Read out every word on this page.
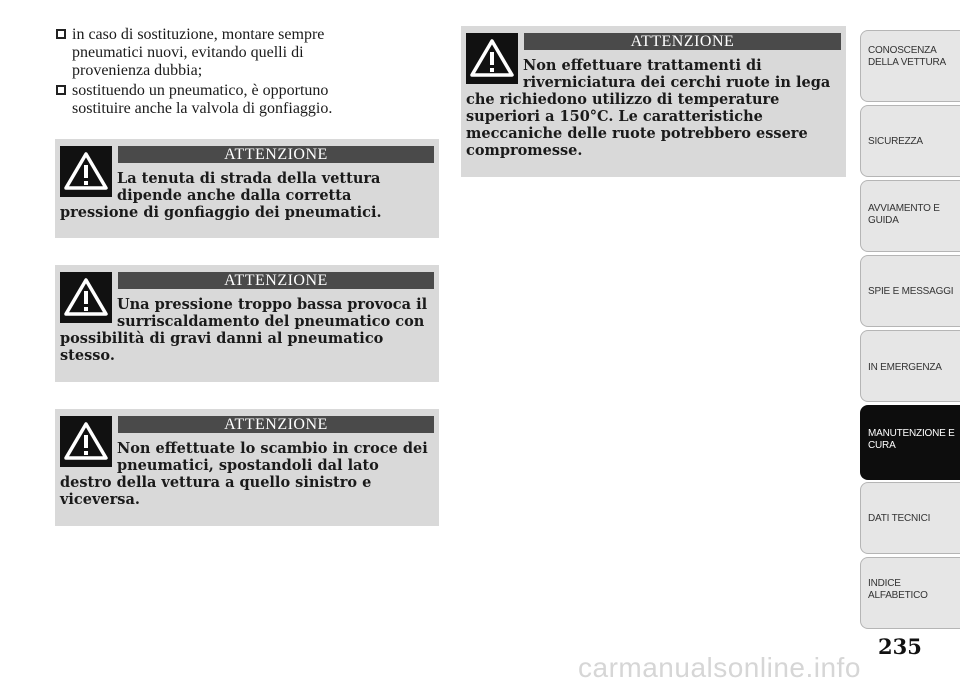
in caso di sostituzione, montare sempre
pneumatici nuovi, evitando quelli di
provenienza dubbia;
sostituendo un pneumatico, è opportuno
sostituire anche la valvola di gonfiaggio.
ATTENZIONE
La tenuta di strada della vettura dipende anche dalla corretta pressione di gonfiaggio dei pneumatici.
ATTENZIONE
Una pressione troppo bassa provoca il surriscaldamento del pneumatico con possibilità di gravi danni al pneumatico stesso.
ATTENZIONE
Non effettuate lo scambio in croce dei pneumatici, spostandoli dal lato destro della vettura a quello sinistro e viceversa.
ATTENZIONE
Non effettuare trattamenti di riverniciatura dei cerchi ruote in lega che richiedono utilizzo di temperature superiori a 150°C. Le caratteristiche meccaniche delle ruote potrebbero essere compromesse.
CONOSCENZA
DELLA VETTURA
SICUREZZA
AVVIAMENTO E
GUIDA
SPIE E MESSAGGI
IN EMERGENZA
MANUTENZIONE E
CURA
DATI TECNICI
INDICE
ALFABETICO
235
carmanualsonline.info
